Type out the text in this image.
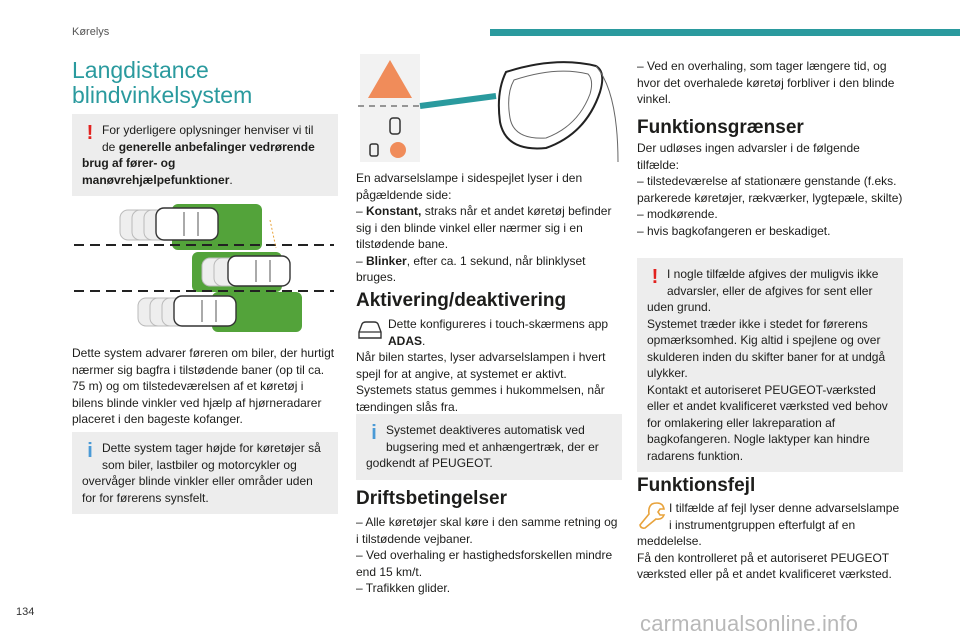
Kørelys
134
Langdistance
blindvinkelsystem
! For yderligere oplysninger henviser vi til de generelle anbefalinger vedrørende brug af fører- og manøvrehjælpefunktioner.

Dette system advarer føreren om biler, der hurtigt nærmer sig bagfra i tilstødende baner (op til ca. 75 m) og om tilstedeværelsen af et køretøj i bilens blinde vinkler ved hjælp af hjørneradarer placeret i den bageste kofanger.

i Dette system tager højde for køretøjer så som biler, lastbiler og motorcykler og overvåger blinde vinkler eller områder uden for for førerens synsfelt.

En advarselslampe i sidespejlet lyser i den pågældende side:

– Konstant, straks når et andet køretøj befinder sig i den blinde vinkel eller nærmer sig i en tilstødende bane.

– Blinker, efter ca. 1 sekund, når blinklyset bruges.

Aktivering/deaktivering

Dette konfigureres i touch-skærmens app ADAS.

Når bilen startes, lyser advarselslampen i hvert spejl for at angive, at systemet er aktivt. Systemets status gemmes i hukommelsen, når tændingen slås fra.

i Systemet deaktiveres automatisk ved bugsering med et anhængertræk, der er godkendt af PEUGEOT.
Driftsbetingelser

– Alle køretøjer skal køre i den samme retning og i tilstødende vejbaner.

– Ved overhaling er hastighedsforskellen mindre end 15 km/t.

– Trafikken glider.

– Ved en overhaling, som tager længere tid, og hvor det overhalede køretøj forbliver i den blinde vinkel.

Funktionsgrænser

Der udløses ingen advarsler i de følgende tilfælde:

– tilstedeværelse af stationære genstande (f.eks. parkerede køretøjer, rækværker, lygtepæle, skilte)

– modkørende.

– hvis bagkofangeren er beskadiget.

! I nogle tilfælde afgives der muligvis ikke advarsler, eller de afgives for sent eller uden grund.
Systemet træder ikke i stedet for førerens opmærksomhed. Kig altid i spejlene og over skulderen inden du skifter baner for at undgå ulykker.
Kontakt et autoriseret PEUGEOT-værksted eller et andet kvalificeret værksted ved behov for omlakering eller lakreparation af bagkofangeren. Nogle laktyper kan hindre radarens funktion.
Funktionsfejl

I tilfælde af fejl lyser denne advarselslampe i instrumentgruppen efterfulgt af en meddelelse.

Få den kontrolleret på et autoriseret PEUGEOT værksted eller på et andet kvalificeret værksted.

carmanualsonline.info
